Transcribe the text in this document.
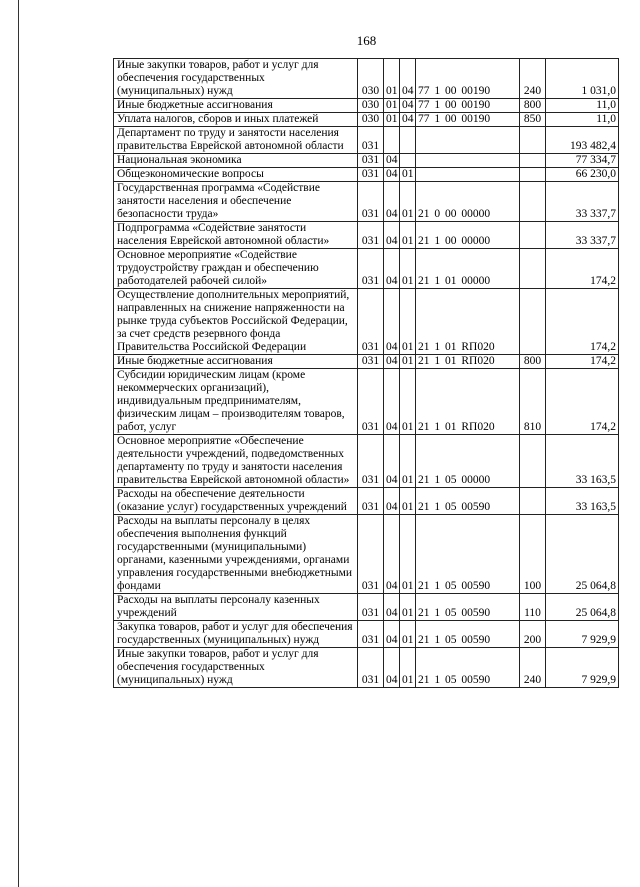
168
Иные закупки товаров, работ и услуг для обеспечения государственных (муниципальных) нужд	030	01	04	77 1 00 00190	240	1 031,0
Иные бюджетные ассигнования	030	01	04	77 1 00 00190	800	11,0
Уплата налогов, сборов и иных платежей	030	01	04	77 1 00 00190	850	11,0
Департамент по труду и занятости населения правительства Еврейской автономной области	031					193 482,4
Национальная экономика	031	04				77 334,7
Общеэкономические вопросы	031	04	01			66 230,0
Государственная программа «Содействие занятости населения и обеспечение безопасности труда»	031	04	01	21 0 00 00000		33 337,7
Подпрограмма «Содействие занятости населения Еврейской автономной области»	031	04	01	21 1 00 00000		33 337,7
Основное мероприятие «Содействие трудоустройству граждан и обеспечению работодателей рабочей силой»	031	04	01	21 1 01 00000		174,2
Осуществление дополнительных мероприятий, направленных на снижение напряженности на рынке труда субъектов Российской Федерации, за счет средств резервного фонда Правительства Российской Федерации	031	04	01	21 1 01 RП020		174,2
Иные бюджетные ассигнования	031	04	01	21 1 01 RП020	800	174,2
Субсидии юридическим лицам (кроме некоммерческих организаций), индивидуальным предпринимателям, физическим лицам – производителям товаров, работ, услуг	031	04	01	21 1 01 RП020	810	174,2
Основное мероприятие «Обеспечение деятельности учреждений, подведомственных департаменту по труду и занятости населения правительства Еврейской автономной области»	031	04	01	21 1 05 00000		33 163,5
Расходы на обеспечение деятельности (оказание услуг) государственных учреждений	031	04	01	21 1 05 00590		33 163,5
Расходы на выплаты персоналу в целях обеспечения выполнения функций государственными (муниципальными) органами, казенными учреждениями, органами управления государственными внебюджетными фондами	031	04	01	21 1 05 00590	100	25 064,8
Расходы на выплаты персоналу казенных учреждений	031	04	01	21 1 05 00590	110	25 064,8
Закупка товаров, работ и услуг для обеспечения государственных (муниципальных) нужд	031	04	01	21 1 05 00590	200	7 929,9
Иные закупки товаров, работ и услуг для обеспечения государственных (муниципальных) нужд	031	04	01	21 1 05 00590	240	7 929,9
